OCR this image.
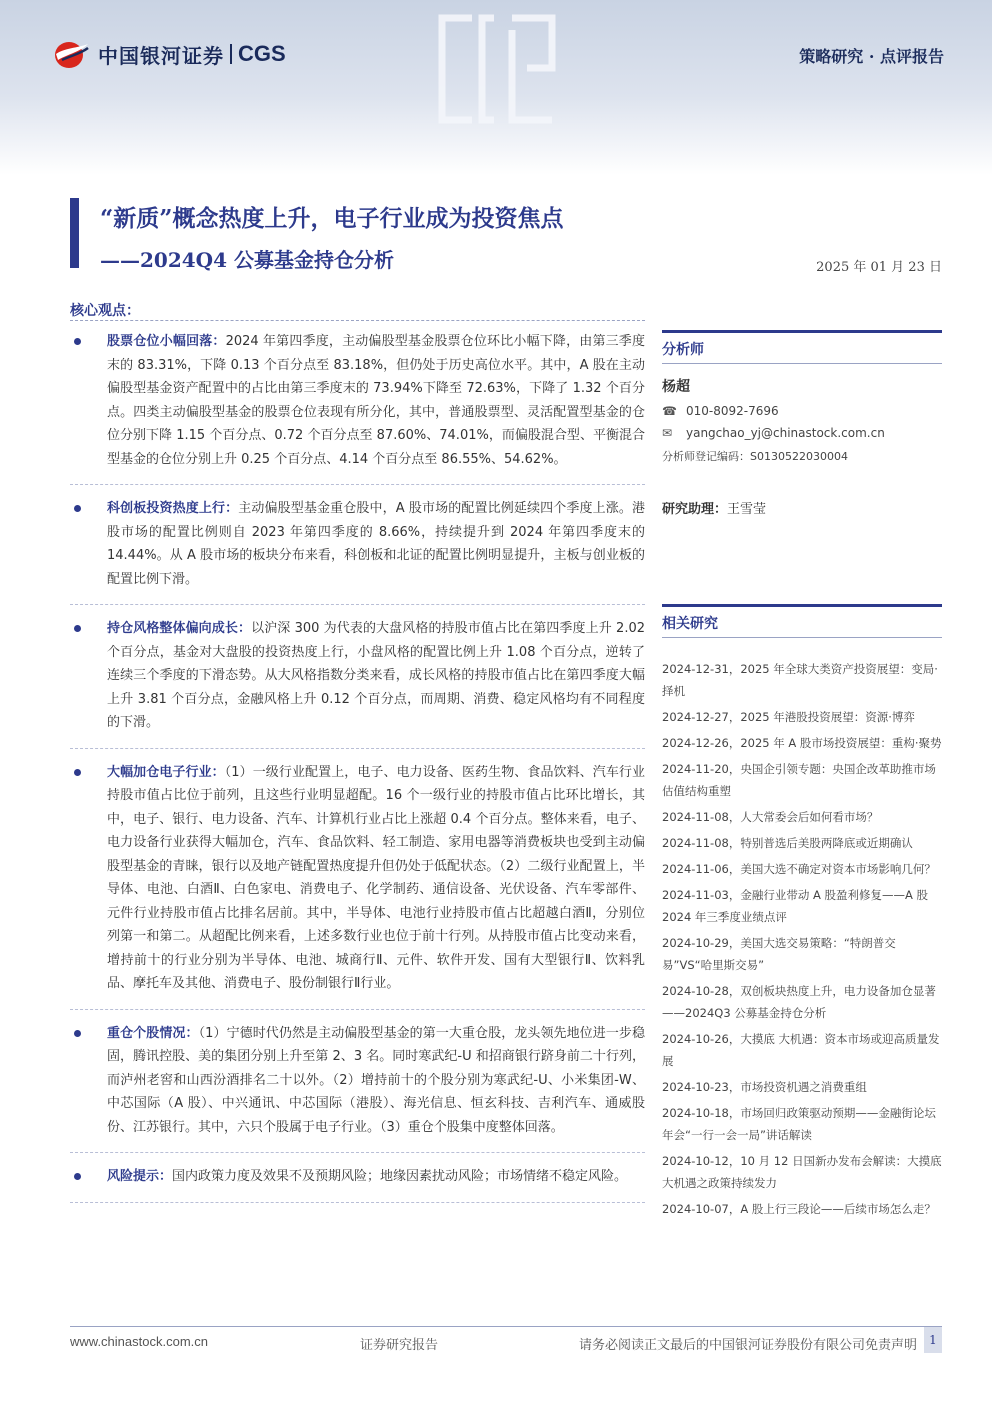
中国银河证券 CGS	策略研究 · 点评报告
“新质”概念热度上升，电子行业成为投资焦点
——2024Q4 公募基金持仓分析	2025 年 01 月 23 日
核心观点：
股票仓位小幅回落：2024 年第四季度，主动偏股型基金股票仓位环比小幅下降，由第三季度末的 83.31%，下降 0.13 个百分点至 83.18%，但仍处于历史高位水平。其中，A 股在主动偏股型基金资产配置中的占比由第三季度末的 73.94%下降至 72.63%，下降了 1.32 个百分点。四类主动偏股型基金的股票仓位表现有所分化，其中，普通股票型、灵活配置型基金的仓位分别下降 1.15 个百分点、0.72 个百分点至 87.60%、74.01%，而偏股混合型、平衡混合型基金的仓位分别上升 0.25 个百分点、4.14 个百分点至 86.55%、54.62%。
科创板投资热度上行：主动偏股型基金重仓股中，A 股市场的配置比例延续四个季度上涨。港股市场的配置比例则自 2023 年第四季度的 8.66%，持续提升到 2024 年第四季度末的 14.44%。从 A 股市场的板块分布来看，科创板和北证的配置比例明显提升，主板与创业板的配置比例下滑。
持仓风格整体偏向成长：以沪深 300 为代表的大盘风格的持股市值占比在第四季度上升 2.02 个百分点，基金对大盘股的投资热度上行，小盘风格的配置比例上升 1.08 个百分点，逆转了连续三个季度的下滑态势。从大风格指数分类来看，成长风格的持股市值占比在第四季度大幅上升 3.81 个百分点，金融风格上升 0.12 个百分点，而周期、消费、稳定风格均有不同程度的下滑。
大幅加仓电子行业：（1）一级行业配置上，电子、电力设备、医药生物、食品饮料、汽车行业持股市值占比位于前列，且这些行业明显超配。16 个一级行业的持股市值占比环比增长，其中，电子、银行、电力设备、汽车、计算机行业占比上涨超 0.4 个百分点。整体来看，电子、电力设备行业获得大幅加仓，汽车、食品饮料、轻工制造、家用电器等消费板块也受到主动偏股型基金的青睐，银行以及地产链配置热度提升但仍处于低配状态。（2）二级行业配置上，半导体、电池、白酒Ⅱ、白色家电、消费电子、化学制药、通信设备、光伏设备、汽车零部件、元件行业持股市值占比排名居前。其中，半导体、电池行业持股市值占比超越白酒Ⅱ，分别位列第一和第二。从超配比例来看，上述多数行业也位于前十行列。从持股市值占比变动来看，增持前十的行业分别为半导体、电池、城商行Ⅱ、元件、软件开发、国有大型银行Ⅱ、饮料乳品、摩托车及其他、消费电子、股份制银行Ⅱ行业。
重仓个股情况：（1）宁德时代仍然是主动偏股型基金的第一大重仓股，龙头领先地位进一步稳固，腾讯控股、美的集团分别上升至第 2、3 名。同时寒武纪-U 和招商银行跻身前二十行列，而泸州老窖和山西汾酒排名二十以外。（2）增持前十的个股分别为寒武纪-U、小米集团-W、中芯国际（A 股）、中兴通讯、中芯国际（港股）、海光信息、恒玄科技、吉利汽车、通威股份、江苏银行。其中，六只个股属于电子行业。（3）重仓个股集中度整体回落。
风险提示：国内政策力度及效果不及预期风险；地缘因素扰动风险；市场情绪不稳定风险。
分析师
杨超
☎ 010-8092-7696
✉	yangchao_yj@chinastock.com.cn
分析师登记编码：S0130522030004
研究助理：王雪莹
相关研究
2024-12-31，2025 年全球大类资产投资展望：变局·择机
2024-12-27，2025 年港股投资展望：资源·博弈
2024-12-26，2025 年 A 股市场投资展望：重构·聚势
2024-11-20，央国企引领专题：央国企改革助推市场估值结构重塑
2024-11-08，人大常委会后如何看市场？
2024-11-08，特别普选后美股两降底或近期确认
2024-11-06，美国大选不确定对资本市场影响几何？
2024-11-03，金融行业带动 A 股盈利修复——A 股 2024 年三季度业绩点评
2024-10-29，美国大选交易策略：“特朗普交易”VS“哈里斯交易”
2024-10-28，双创板块热度上升，电力设备加仓显著——2024Q3 公募基金持仓分析
2024-10-26，大摸底 大机遇：资本市场或迎高质量发展
2024-10-23，市场投资机遇之消费重组
2024-10-18，市场回归政策驱动预期——金融街论坛年会“一行一会一局”讲话解读
2024-10-12，10 月 12 日国新办发布会解读：大摸底大机遇之政策持续发力
2024-10-07，A 股上行三段论——后续市场怎么走？
www.chinastock.com.cn	证券研究报告	请务必阅读正文最后的中国银河证券股份有限公司免责声明	1
